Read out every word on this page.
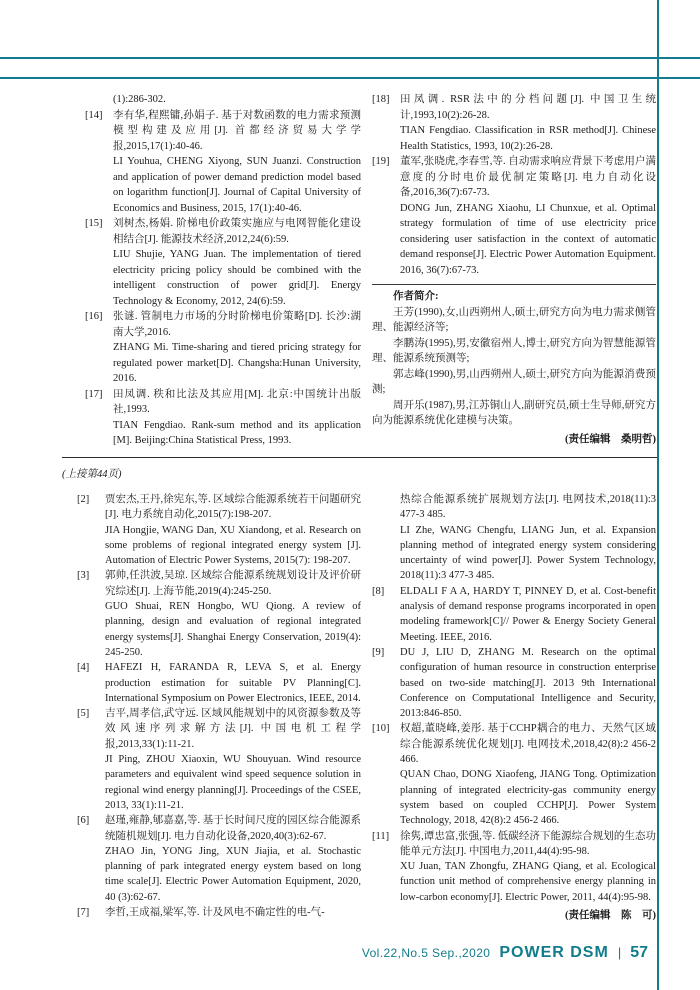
(1):286-302.

[14]	李有华,程熙镛,孙娟子. 基于对数函数的电力需求预测模型构建及应用[J]. 首都经济贸易大学学报,2015,17(1):40-46.

LI Youhua, CHENG Xiyong, SUN Juanzi. Construction and application of power demand prediction model based on logarithm function[J]. Journal of Capital University of Economics and Business, 2015, 17(1):40-46.

[15]	刘树杰,杨娟. 阶梯电价政策实施应与电网智能化建设相结合[J]. 能源技术经济,2012,24(6):59.

LIU Shujie, YANG Juan. The implementation of tiered electricity pricing policy should be combined with the intelligent construction of power grid[J]. Energy Technology & Economy, 2012, 24(6):59.

[16]	张谜. 管制电力市场的分时阶梯电价策略[D]. 长沙:湖南大学,2016.

ZHANG Mi. Time-sharing and tiered pricing strategy for regulated power market[D]. Changsha:Hunan University, 2016.

[17]	田凤调. 秩和比法及其应用[M]. 北京:中国统计出版社,1993.

TIAN Fengdiao. Rank-sum method and its application [M]. Beijing:China Statistical Press, 1993.

[18]	田凤调. RSR法中的分档问题[J]. 中国卫生统计,1993,10(2):26-28.

TIAN Fengdiao. Classification in RSR method[J]. Chinese Health Statistics, 1993, 10(2):26-28.

[19]	董军,张晓虎,李春雪,等. 自动需求响应背景下考虑用户满意度的分时电价最优制定策略[J]. 电力自动化设备,2016,36(7):67-73.

DONG Jun, ZHANG Xiaohu, LI Chunxue, et al. Optimal strategy formulation of time of use electricity price considering user satisfaction in the context of automatic demand response[J]. Electric Power Automation Equipment. 2016, 36(7):67-73.

作者简介:

王芳(1990),女,山西朔州人,硕士,研究方向为电力需求侧管理、能源经济等;

李鹏涛(1995),男,安徽宿州人,博士,研究方向为智慧能源管理、能源系统预测等;

郭志峰(1990),男,山西朔州人,硕士,研究方向为能源消费预测;

周开乐(1987),男,江苏铜山人,副研究员,硕士生导师,研究方向为能源系统优化建模与决策。

(责任编辑　桑明哲)

(上接第44页)
[2]	贾宏杰,王丹,徐宪东,等. 区域综合能源系统若干问题研究[J]. 电力系统自动化,2015(7):198-207.

JIA Hongjie, WANG Dan, XU Xiandong, et al. Research on some problems of regional integrated energy system [J]. Automation of Electric Power Systems, 2015(7): 198-207.

[3]	郭帅,任洪波,吴琼. 区域综合能源系统规划设计及评价研究综述[J]. 上海节能,2019(4):245-250.

GUO Shuai, REN Hongbo, WU Qiong. A review of planning, design and evaluation of regional integrated energy systems[J]. Shanghai Energy Conservation, 2019(4): 245-250.

[4]	HAFEZI H, FARANDA R, LEVA S, et al. Energy production estimation for suitable PV Planning[C]. International Symposium on Power Electronics, IEEE, 2014.

[5]	吉平,周孝信,武守远. 区域风能规划中的风资源参数及等效风速序列求解方法[J]. 中国电机工程学报,2013,33(1):11-21.

JI Ping, ZHOU Xiaoxin, WU Shouyuan. Wind resource parameters and equivalent wind speed sequence solution in regional wind energy planning[J]. Proceedings of the CSEE, 2013, 33(1):11-21.

[6]	赵瑾,雍静,郇嘉嘉,等. 基于长时间尺度的园区综合能源系统随机规划[J]. 电力自动化设备,2020,40(3):62-67.

ZHAO Jin, YONG Jing, XUN Jiajia, et al. Stochastic planning of park integrated energy eystem based on long time scale[J]. Electric Power Automation Equipment, 2020, 40 (3):62-67.

[7]	李哲,王成福,梁军,等. 计及风电不确定性的电-气-

热综合能源系统扩展规划方法[J]. 电网技术,2018(11):3 477-3 485.

LI Zhe, WANG Chengfu, LIANG Jun, et al. Expansion planning method of integrated energy system considering uncertainty of wind power[J]. Power System Technology, 2018(11):3 477-3 485.

[8]	ELDALI F A A, HARDY T, PINNEY D, et al. Cost-benefit analysis of demand response programs incorporated in open modeling framework[C]// Power & Energy Society General Meeting. IEEE, 2016.

[9]	DU J, LIU D, ZHANG M. Research on the optimal configuration of human resource in construction enterprise based on two-side matching[J]. 2013 9th International Conference on Computational Intelligence and Security, 2013:846-850.

[10]	权超,董晓峰,姜彤. 基于CCHP耦合的电力、天然气区域综合能源系统优化规划[J]. 电网技术,2018,42(8):2 456-2 466.

QUAN Chao, DONG Xiaofeng, JIANG Tong. Optimization planning of integrated electricity-gas community energy system based on coupled CCHP[J]. Power System Technology, 2018, 42(8):2 456-2 466.

[11]	徐隽,谭忠富,张强,等. 低碳经济下能源综合规划的生态功能单元方法[J]. 中国电力,2011,44(4):95-98.

XU Juan, TAN Zhongfu, ZHANG Qiang, et al. Ecological function unit method of comprehensive energy planning in low-carbon economy[J]. Electric Power, 2011, 44(4):95-98.

(责任编辑　陈　可)

Vol.22,No.5 Sep.,2020 POWER DSM | 57
